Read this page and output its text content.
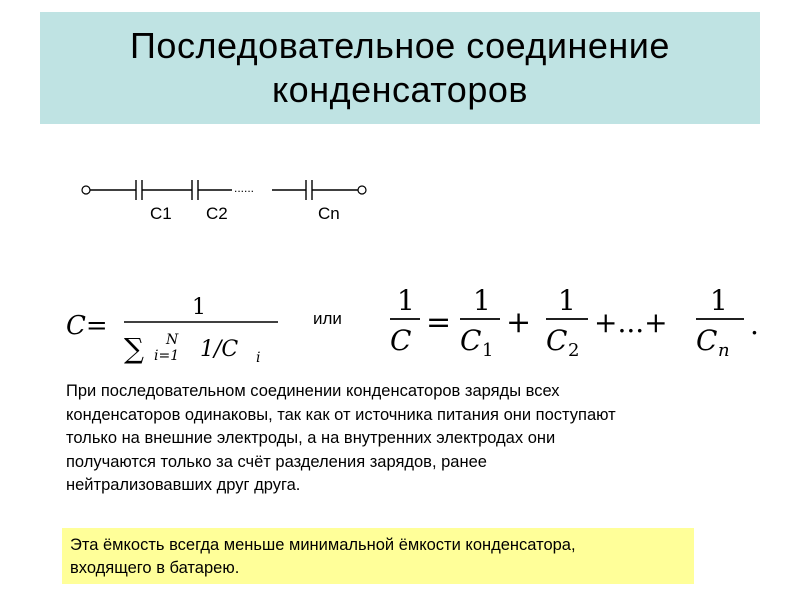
Последовательное соединение
конденсаторов
......
C1 C2	Cn
C=
1
∑ N
i=1 1/C i
1
C
=
1
C 1
+
1
C 2
+...+
1
C n
.
или
При последовательном соединении конденсаторов заряды всех
конденсаторов одинаковы, так как от источника питания они поступают
только на внешние электроды, а на внутренних электродах они
получаются только за счёт разделения зарядов, ранее
нейтрализовавших друг друга.
Эта ёмкость всегда меньше минимальной ёмкости конденсатора,
входящего в батарею.
